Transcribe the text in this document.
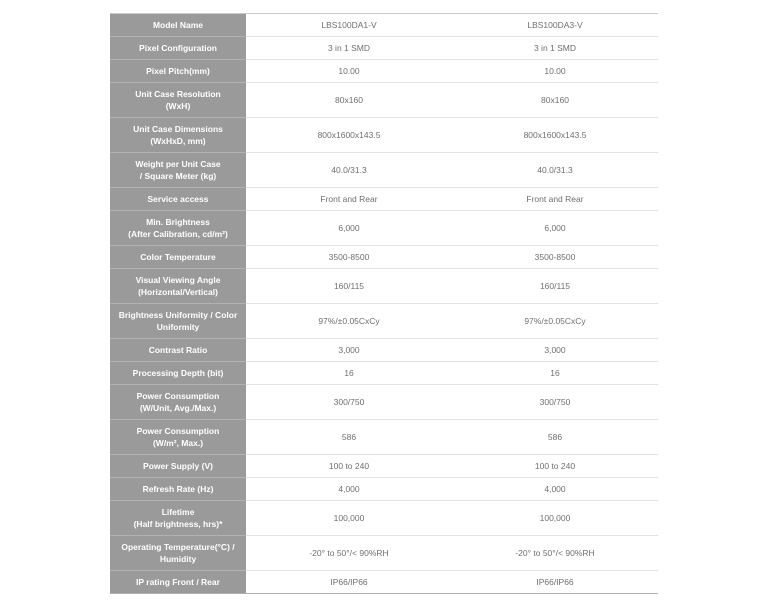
Model Name	LBS100DA1-V	LBS100DA3-V

Pixel Configuration	3 in 1 SMD	3 in 1 SMD

Pixel Pitch(mm)	10.00	10.00

Unit Case Resolution
(WxH)	80x160	80x160

Unit Case Dimensions
(WxHxD, mm)	800x1600x143.5	800x1600x143.5

Weight per Unit Case
/ Square Meter (kg)	40.0/31.3	40.0/31.3

Service access	Front and Rear	Front and Rear

Min. Brightness
(After Calibration, cd/m²)	6,000	6,000

Color Temperature	3500-8500	3500-8500

Visual Viewing Angle
(Horizontal/Vertical)	160/115	160/115

Brightness Uniformity / Color
Uniformity	97%/±0.05CxCy	97%/±0.05CxCy

Contrast Ratio	3,000	3,000

Processing Depth (bit)	16	16

Power Consumption
(W/Unit, Avg./Max.)	300/750	300/750

Power Consumption
(W/m², Max.)	586	586

Power Supply (V)	100 to 240	100 to 240

Refresh Rate (Hz)	4,000	4,000

Lifetime
(Half brightness, hrs)*	100,000	100,000

Operating Temperature(°C) /
Humidity	-20° to 50°/< 90%RH	-20° to 50°/< 90%RH

IP rating Front / Rear	IP66/IP66	IP66/IP66
